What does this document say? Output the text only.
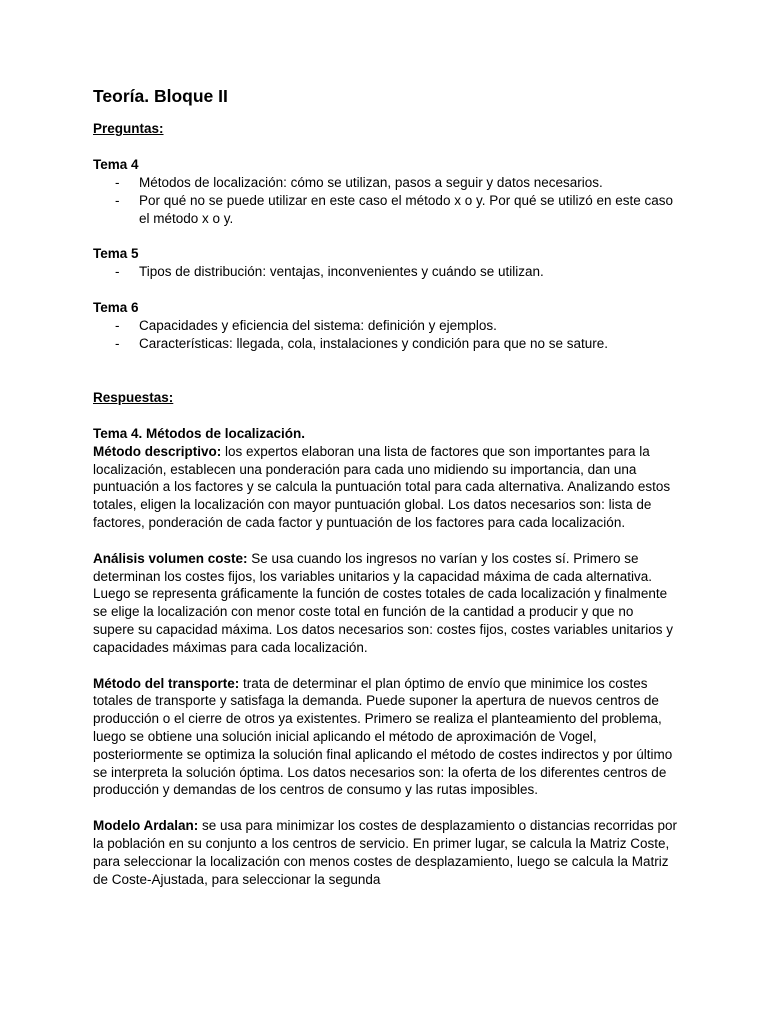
Teoría. Bloque II
Preguntas:
Tema 4
- Métodos de localización: cómo se utilizan, pasos a seguir y datos necesarios.
- Por qué no se puede utilizar en este caso el método x o y. Por qué se utilizó en este caso el método x o y.
Tema 5
- Tipos de distribución: ventajas, inconvenientes y cuándo se utilizan.
Tema 6
- Capacidades y eficiencia del sistema: definición y ejemplos.
- Características: llegada, cola, instalaciones y condición para que no se sature.
Respuestas:
Tema 4. Métodos de localización.

Método descriptivo: los expertos elaboran una lista de factores que son importantes para la localización, establecen una ponderación para cada uno midiendo su importancia, dan una puntuación a los factores y se calcula la puntuación total para cada alternativa. Analizando estos totales, eligen la localización con mayor puntuación global. Los datos necesarios son: lista de factores, ponderación de cada factor y puntuación de los factores para cada localización.

Análisis volumen coste: Se usa cuando los ingresos no varían y los costes sí. Primero se determinan los costes fijos, los variables unitarios y la capacidad máxima de cada alternativa. Luego se representa gráficamente la función de costes totales de cada localización y finalmente se elige la localización con menor coste total en función de la cantidad a producir y que no supere su capacidad máxima. Los datos necesarios son: costes fijos, costes variables unitarios y capacidades máximas para cada localización.

Método del transporte: trata de determinar el plan óptimo de envío que minimice los costes totales de transporte y satisfaga la demanda. Puede suponer la apertura de nuevos centros de producción o el cierre de otros ya existentes. Primero se realiza el planteamiento del problema, luego se obtiene una solución inicial aplicando el método de aproximación de Vogel, posteriormente se optimiza la solución final aplicando el método de costes indirectos y por último se interpreta la solución óptima. Los datos necesarios son: la oferta de los diferentes centros de producción y demandas de los centros de consumo y las rutas imposibles.

Modelo Ardalan: se usa para minimizar los costes de desplazamiento o distancias recorridas por la población en su conjunto a los centros de servicio. En primer lugar, se calcula la Matriz Coste, para seleccionar la localización con menos costes de desplazamiento, luego se calcula la Matriz de Coste-Ajustada, para seleccionar la segunda
